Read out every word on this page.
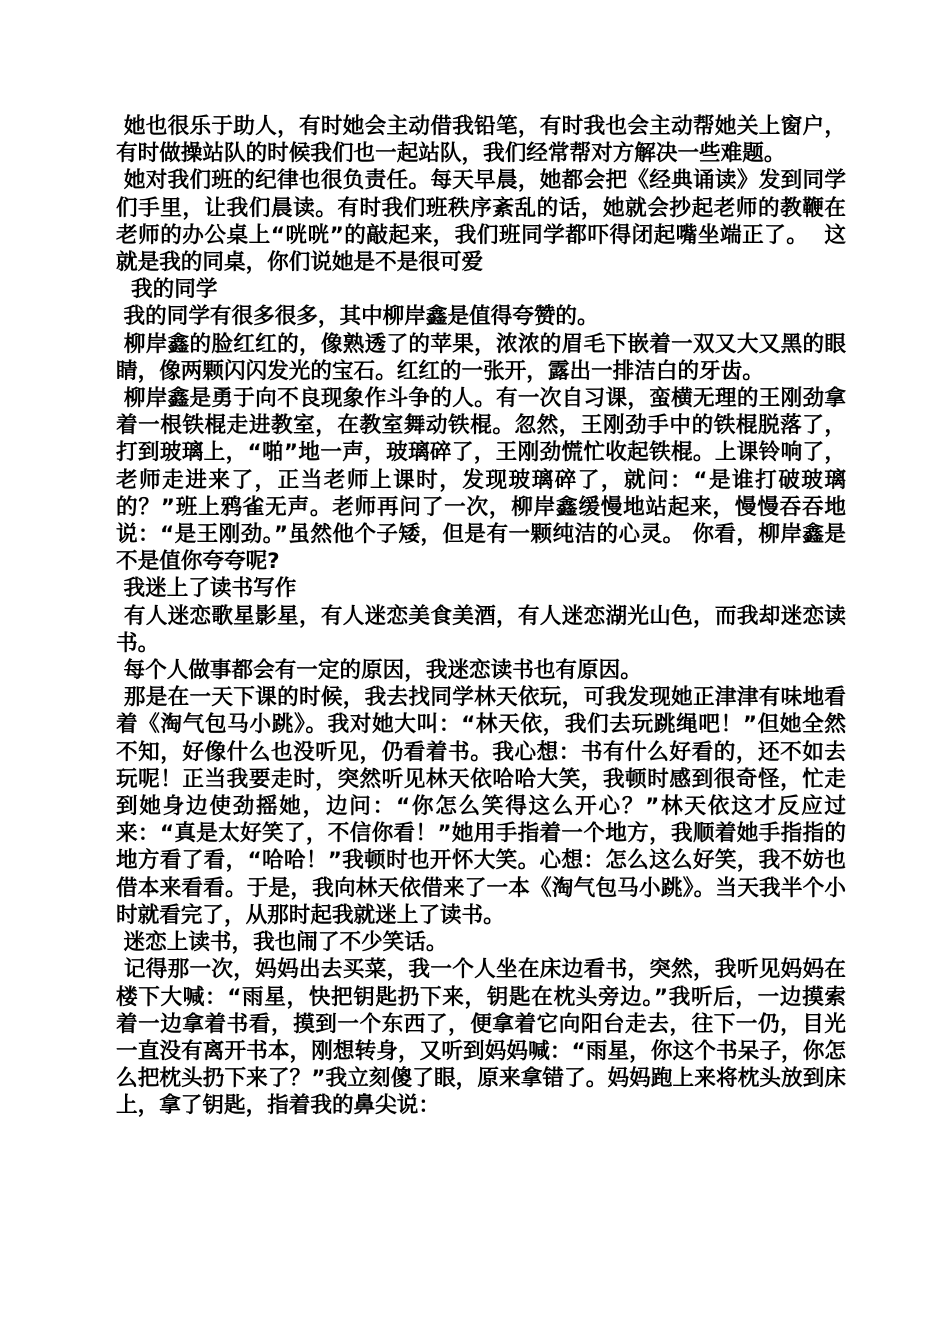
她也很乐于助人，有时她会主动借我铅笔，有时我也会主动帮她关上窗户，有时做操站队的时候我们也一起站队，我们经常帮对方解决一些难题。

她对我们班的纪律也很负责任。每天早晨，她都会把《经典诵读》发到同学们手里，让我们晨读。有时我们班秩序紊乱的话，她就会抄起老师的教鞭在老师的办公桌上“咣咣”的敲起来，我们班同学都吓得闭起嘴坐端正了。  这就是我的同桌，你们说她是不是很可爱

我的同学

我的同学有很多很多，其中柳岸鑫是值得夸赞的。

柳岸鑫的脸红红的，像熟透了的苹果，浓浓的眉毛下嵌着一双又大又黑的眼睛，像两颗闪闪发光的宝石。红红的一张开，露出一排洁白的牙齿。

柳岸鑫是勇于向不良现象作斗争的人。有一次自习课，蛮横无理的王刚劲拿着一根铁棍走进教室，在教室舞动铁棍。忽然，王刚劲手中的铁棍脱落了，打到玻璃上，“啪”地一声，玻璃碎了，王刚劲慌忙收起铁棍。上课铃响了，老师走进来了，正当老师上课时，发现玻璃碎了，就问：“是谁打破玻璃的？”班上鸦雀无声。老师再问了一次，柳岸鑫缓慢地站起来，慢慢吞吞地说：“是王刚劲。”虽然他个子矮，但是有一颗纯洁的心灵。 你看，柳岸鑫是不是值你夸夸呢?

我迷上了读书写作

有人迷恋歌星影星，有人迷恋美食美酒，有人迷恋湖光山色，而我却迷恋读书。

每个人做事都会有一定的原因，我迷恋读书也有原因。

那是在一天下课的时候，我去找同学林天依玩，可我发现她正津津有味地看着《淘气包马小跳》。我对她大叫：“林天依，我们去玩跳绳吧！”但她全然不知，好像什么也没听见，仍看着书。我心想：书有什么好看的，还不如去玩呢！正当我要走时，突然听见林天依哈哈大笑，我顿时感到很奇怪，忙走到她身边使劲摇她，边问：“你怎么笑得这么开心？”林天依这才反应过来：“真是太好笑了，不信你看！”她用手指着一个地方，我顺着她手指指的地方看了看，“哈哈！”我顿时也开怀大笑。心想：怎么这么好笑，我不妨也借本来看看。于是，我向林天依借来了一本《淘气包马小跳》。当天我半个小时就看完了，从那时起我就迷上了读书。

迷恋上读书，我也闹了不少笑话。

记得那一次，妈妈出去买菜，我一个人坐在床边看书，突然，我听见妈妈在楼下大喊：“雨星，快把钥匙扔下来，钥匙在枕头旁边。”我听后，一边摸索着一边拿着书看，摸到一个东西了，便拿着它向阳台走去，往下一仍，目光一直没有离开书本，刚想转身，又听到妈妈喊：“雨星，你这个书呆子，你怎么把枕头扔下来了？”我立刻傻了眼，原来拿错了。妈妈跑上来将枕头放到床上，拿了钥匙，指着我的鼻尖说：
